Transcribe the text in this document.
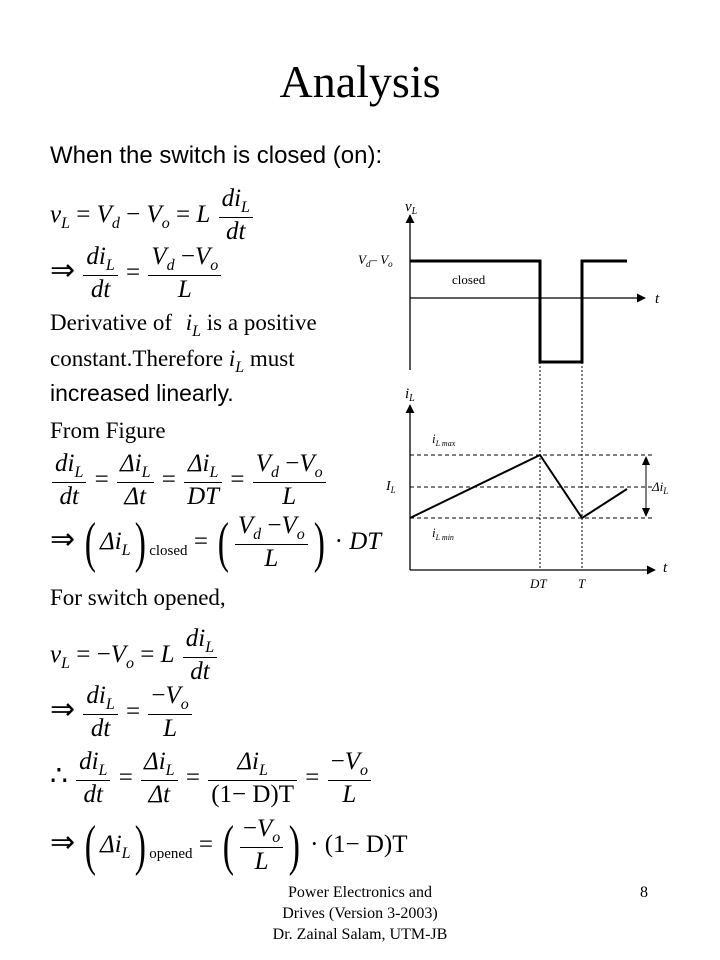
Analysis
When the switch is closed (on):
$v_L = V_d - V_o = L \frac{di_L}{dt}$
⇒ $\frac{di_L}{dt} = \frac{V_d -V_o}{L}$
Derivative of $i_L$ is a positive
constant.Therefore $i_L$ must
increased linearly.
From Figure
$\frac{di_L}{dt} = \frac{\Delta i_L}{\Delta t} = \frac{\Delta i_L}{DT} = \frac{V_d -V_o}{L}$
⇒ ( $\Delta i_L$) $_{closed}$ = ( $\frac{V_d -V_o}{L}$ ) · DT
For switch opened,
$v_L = -V_o = L \frac{di_L}{dt}$
⇒ $\frac{di_L}{dt} = \frac{-V_o}{L}$
∴ $\frac{di_L}{dt} = \frac{\Delta i_L}{\Delta t} = \frac{\Delta i_L}{(1- D)T} = \frac{-V_o}{L}$
⇒ ( $\Delta i_L$) $_{opened}$ = ( $\frac{-V_o}{L}$ ) · (1− D)T
$v_L$
t
$V_d-$ $V_o$
closed
$i_L$
t
$i_{L max}$
$i_{L min}$
$I_L$	$\Delta i_L$
DT T
Power Electronics and
Drives (Version 3-2003)
Dr. Zainal Salam, UTM-JB
8
